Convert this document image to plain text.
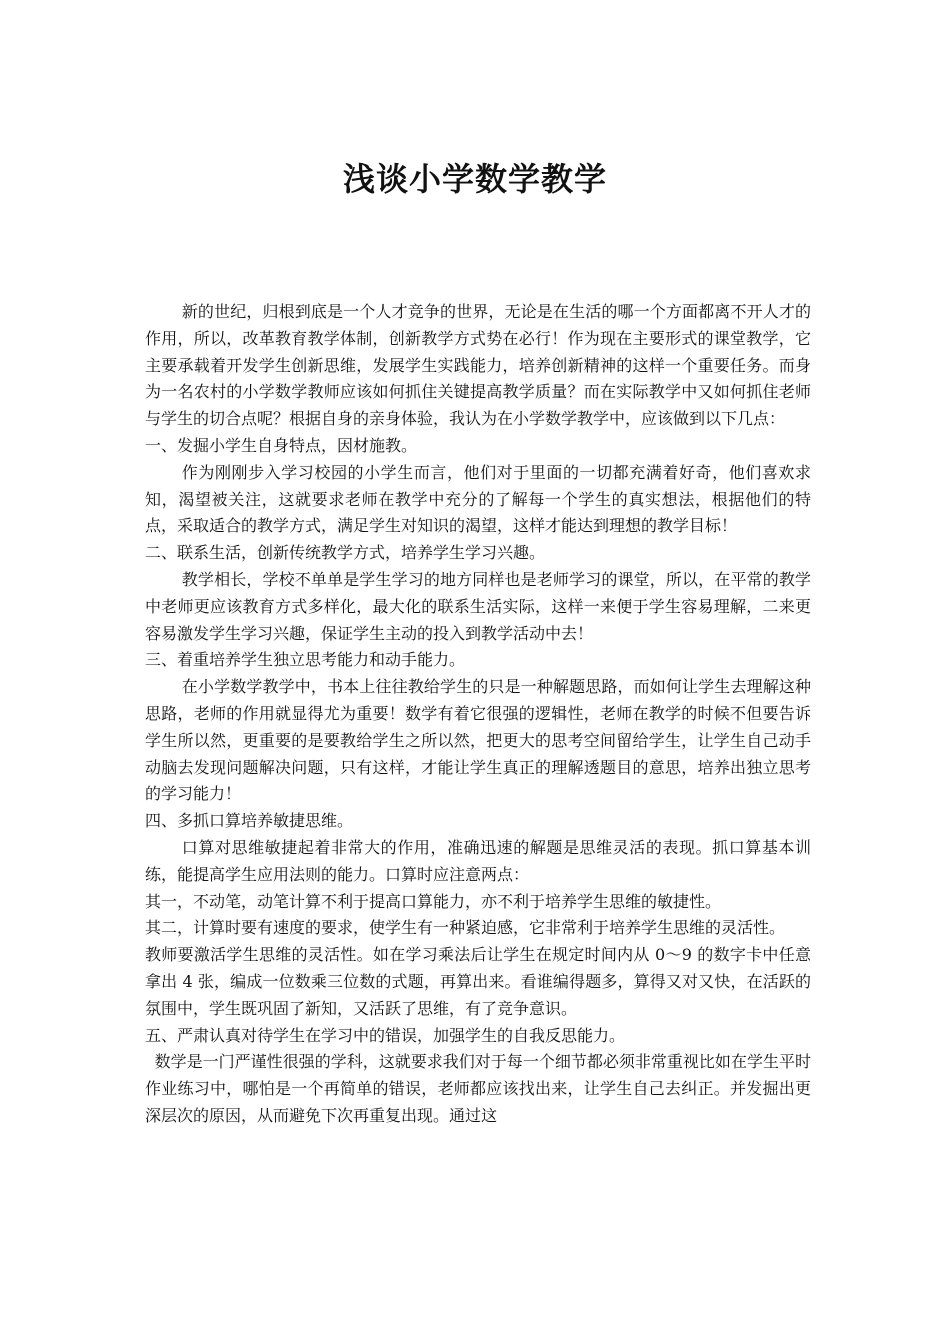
浅谈小学数学教学

新的世纪，归根到底是一个人才竞争的世界，无论是在生活的哪一个方面都离不开人才的作用，所以，改革教育教学体制，创新教学方式势在必行！作为现在主要形式的课堂教学，它主要承载着开发学生创新思维，发展学生实践能力，培养创新精神的这样一个重要任务。而身为一名农村的小学数学教师应该如何抓住关键提高教学质量？而在实际教学中又如何抓住老师与学生的切合点呢？根据自身的亲身体验，我认为在小学数学教学中，应该做到以下几点：

一、发掘小学生自身特点，因材施教。

作为刚刚步入学习校园的小学生而言，他们对于里面的一切都充满着好奇，他们喜欢求知，渴望被关注，这就要求老师在教学中充分的了解每一个学生的真实想法，根据他们的特点，采取适合的教学方式，满足学生对知识的渴望，这样才能达到理想的教学目标！

二、联系生活，创新传统教学方式，培养学生学习兴趣。

教学相长，学校不单单是学生学习的地方同样也是老师学习的课堂，所以，在平常的教学中老师更应该教育方式多样化，最大化的联系生活实际，这样一来便于学生容易理解，二来更容易激发学生学习兴趣，保证学生主动的投入到教学活动中去！

三、着重培养学生独立思考能力和动手能力。

在小学数学教学中，书本上往往教给学生的只是一种解题思路，而如何让学生去理解这种思路，老师的作用就显得尤为重要！数学有着它很强的逻辑性，老师在教学的时候不但要告诉学生所以然，更重要的是要教给学生之所以然，把更大的思考空间留给学生，让学生自己动手动脑去发现问题解决问题，只有这样，才能让学生真正的理解透题目的意思，培养出独立思考的学习能力！

四、多抓口算培养敏捷思维。

口算对思维敏捷起着非常大的作用，准确迅速的解题是思维灵活的表现。抓口算基本训练，能提高学生应用法则的能力。口算时应注意两点：

其一，不动笔，动笔计算不利于提高口算能力，亦不利于培养学生思维的敏捷性。

其二，计算时要有速度的要求，使学生有一种紧迫感，它非常利于培养学生思维的灵活性。

教师要激活学生思维的灵活性。如在学习乘法后让学生在规定时间内从 0～9 的数字卡中任意拿出 4 张，编成一位数乘三位数的式题，再算出来。看谁编得题多，算得又对又快，在活跃的氛围中，学生既巩固了新知，又活跃了思维，有了竞争意识。

五、严肃认真对待学生在学习中的错误，加强学生的自我反思能力。

数学是一门严谨性很强的学科，这就要求我们对于每一个细节都必须非常重视比如在学生平时作业练习中，哪怕是一个再简单的错误，老师都应该找出来，让学生自己去纠正。并发掘出更深层次的原因，从而避免下次再重复出现。通过这
